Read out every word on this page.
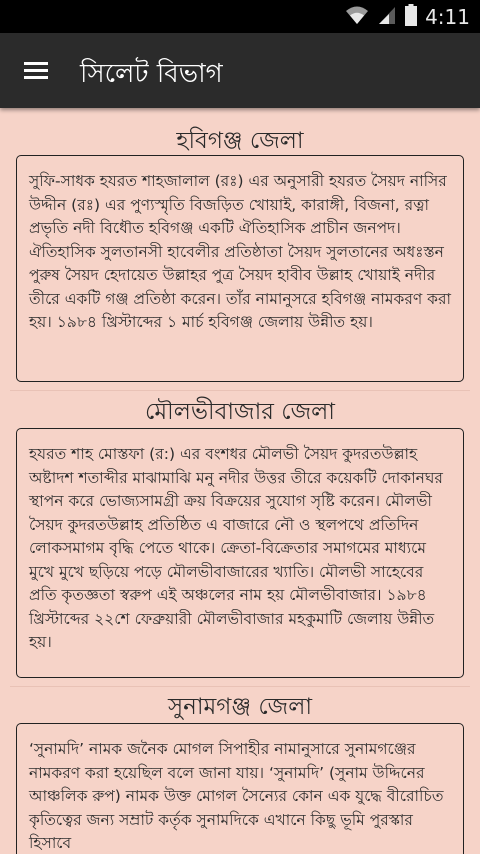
4:11
সিলেট বিভাগ
হবিগঞ্জ জেলা
সুফি-সাধক হযরত শাহজালাল (রঃ) এর অনুসারী হযরত সৈয়দ নাসির উদ্দীন (রঃ) এর পুণ্যস্মৃতি বিজড়িত খোয়াই, কারাঙ্গী, বিজনা, রত্না প্রভৃতি নদী বিধৌত হবিগঞ্জ একটি ঐতিহাসিক প্রাচীন জনপদ। ঐতিহাসিক সুলতানসী হাবেলীর প্রতিষ্ঠাতা সৈয়দ সুলতানের অধঃস্তন পুরুষ সৈয়দ হেদায়েত উল্লাহর পুত্র সৈয়দ হাবীব উল্লাহ খোয়াই নদীর তীরে একটি গঞ্জ প্রতিষ্ঠা করেন। তাঁর নামানুসরে হবিগঞ্জ নামকরণ করা হয়। ১৯৮৪ খ্রিস্টাব্দের ১ মার্চ হবিগঞ্জ জেলায় উন্নীত হয়।
মৌলভীবাজার জেলা
হযরত শাহ মোস্তফা (র:) এর বংশধর মৌলভী সৈয়দ কুদরতউল্লাহ অষ্টাদশ শতাব্দীর মাঝামাঝি মনু নদীর উত্তর তীরে কয়েকটি দোকানঘর স্থাপন করে ভোজ্যসামগ্রী ক্রয় বিক্রয়ের সুযোগ সৃষ্টি করেন। মৌলভী সৈয়দ কুদরতউল্লাহ প্রতিষ্ঠিত এ বাজারে নৌ ও স্থলপথে প্রতিদিন লোকসমাগম বৃদ্ধি পেতে থাকে। ক্রেতা-বিক্রেতার সমাগমের মাধ্যমে মুখে মুখে ছড়িয়ে পড়ে মৌলভীবাজারের খ্যাতি। মৌলভী সাহেবের প্রতি কৃতজ্ঞতা স্বরুপ এই অঞ্চলের নাম হয় মৌলভীবাজার। ১৯৮৪ খ্রিস্টাব্দের ২২শে ফেব্রুয়ারী মৌলভীবাজার মহকুমাটি জেলায় উন্নীত হয়।
সুনামগঞ্জ জেলা
‘সুনামদি’ নামক জনৈক মোগল সিপাহীর নামানুসারে সুনামগঞ্জের নামকরণ করা হয়েছিল বলে জানা যায়। ‘সুনামদি’ (সুনাম উদ্দিনের আঞ্চলিক রুপ) নামক উক্ত মোগল সৈন্যের কোন এক যুদ্ধে বীরোচিত কৃতিত্বের জন্য সম্রাট কর্তৃক সুনামদিকে এখানে কিছু ভূমি পুরস্কার হিসাবে
